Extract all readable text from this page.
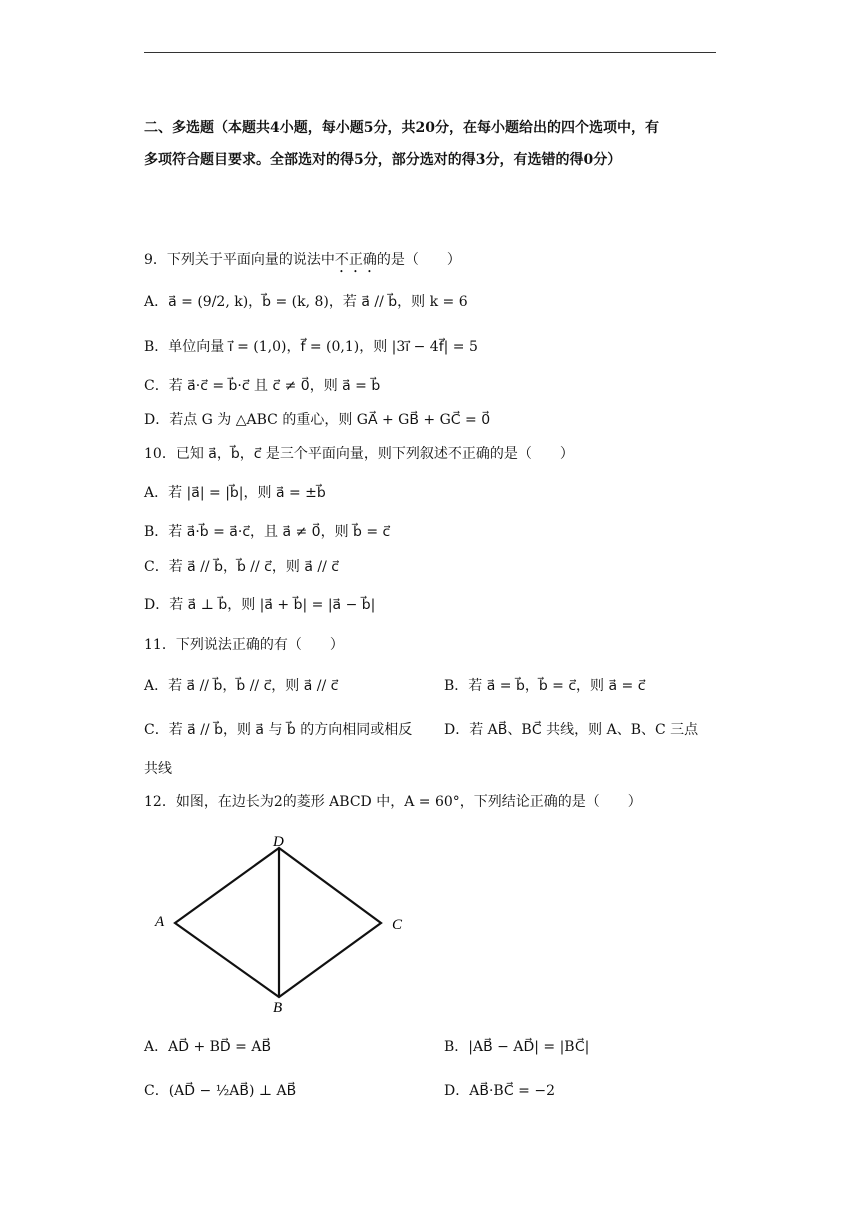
二、多选题（本题共4小题，每小题5分，共20分，在每小题给出的四个选项中，有
多项符合题目要求。全部选对的得5分，部分选对的得3分，有选错的得0分）
9．下列关于平面向量的说法中不正确的是（　　）
A．a⃗ = (9/2, k)，b⃗ = (k, 8)，若 a⃗ // b⃗，则 k = 6
B．单位向量 i⃗ = (1,0)，f⃗ = (0,1)，则 |3i⃗ − 4f⃗| = 5
C．若 a⃗·c⃗ = b⃗·c⃗ 且 c⃗ ≠ 0⃗，则 a⃗ = b⃗
D．若点 G 为 △ABC 的重心，则 GA⃗ + GB⃗ + GC⃗ = 0⃗
10．已知 a⃗，b⃗，c⃗ 是三个平面向量，则下列叙述不正确的是（　　）
A．若 |a⃗| = |b⃗|，则 a⃗ = ±b⃗
B．若 a⃗·b⃗ = a⃗·c⃗，且 a⃗ ≠ 0⃗，则 b⃗ = c⃗
C．若 a⃗ // b⃗，b⃗ // c⃗，则 a⃗ // c⃗
D．若 a⃗ ⊥ b⃗，则 |a⃗ + b⃗| = |a⃗ − b⃗|
11．下列说法正确的有（　　）
A．若 a⃗ // b⃗，b⃗ // c⃗，则 a⃗ // c⃗	B．若 a⃗ = b⃗，b⃗ = c⃗，则 a⃗ = c⃗
C．若 a⃗ // b⃗，则 a⃗ 与 b⃗ 的方向相同或相反 D．若 AB⃗、BC⃗ 共线，则 A、B、C 三点
共线
12．如图，在边长为2的菱形 ABCD 中，A = 60°，下列结论正确的是（　　）
A
D
C
B
A．AD⃗ + BD⃗ = AB⃗	B．|AB⃗ − AD⃗| = |BC⃗|
C．(AD⃗ − ½AB⃗) ⊥ AB⃗	D．AB⃗·BC⃗ = −2
